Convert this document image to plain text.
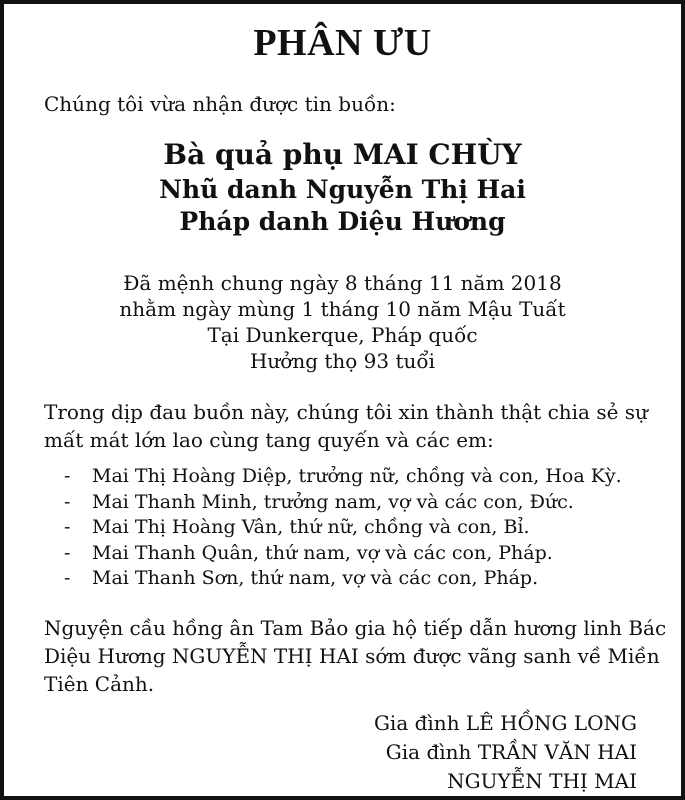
PHÂN ƯU
Chúng tôi vừa nhận được tin buồn:
Bà quả phụ MAI CHÙY
Nhũ danh Nguyễn Thị Hai
Pháp danh Diệu Hương
Đã mệnh chung ngày 8 tháng 11 năm 2018
nhằm ngày mùng 1 tháng 10 năm Mậu Tuất
Tại Dunkerque, Pháp quốc
Hưởng thọ 93 tuổi
Trong dịp đau buồn này, chúng tôi xin thành thật chia sẻ sự
mất mát lớn lao cùng tang quyến và các em:
-	Mai Thị Hoàng Diệp, trưởng nữ, chồng và con, Hoa Kỳ.
-	Mai Thanh Minh, trưởng nam, vợ và các con, Đức.
-	Mai Thị Hoàng Vân, thứ nữ, chồng và con, Bỉ.
-	Mai Thanh Quân, thứ nam, vợ và các con, Pháp.
-	Mai Thanh Sơn, thứ nam, vợ và các con, Pháp.
Nguyện cầu hồng ân Tam Bảo gia hộ tiếp dẫn hương linh Bác
Diệu Hương NGUYỄN THỊ HAI sớm được vãng sanh về Miền
Tiên Cảnh.
Gia đình LÊ HỒNG LONG
Gia đình TRẦN VĂN HAI
NGUYỄN THỊ MAI
